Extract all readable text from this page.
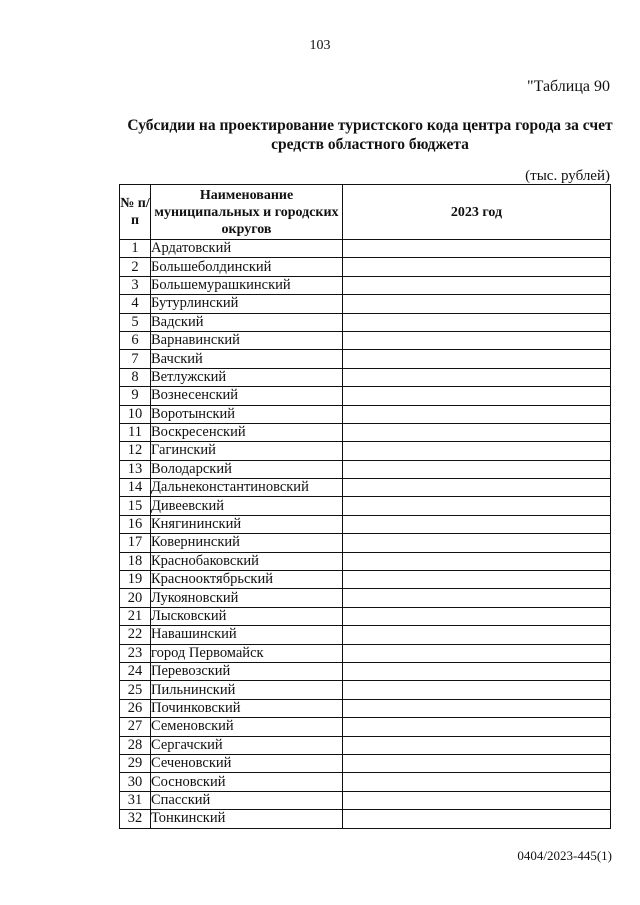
103
"Таблица 90
Субсидии на проектирование туристского кода центра города за счет средств областного бюджета
(тыс. рублей)
№ п/п	Наименование муниципальных и городских округов	2023 год
1	Ардатовский	
2	Большеболдинский	
3	Большемурашкинский	
4	Бутурлинский	
5	Вадский	
6	Варнавинский	
7	Вачский	
8	Ветлужский	
9	Вознесенский	
10	Воротынский	
11	Воскресенский	
12	Гагинский	
13	Володарский	
14	Дальнеконстантиновский	
15	Дивеевский	
16	Княгининский	
17	Ковернинский	
18	Краснобаковский	
19	Краснооктябрьский	
20	Лукояновский	
21	Лысковский	
22	Навашинский	
23	город Первомайск	
24	Перевозский	
25	Пильнинский	
26	Починковский	
27	Семеновский	
28	Сергачский	
29	Сеченовский	
30	Сосновский	
31	Спасский	
32	Тонкинский	
0404/2023-445(1)
